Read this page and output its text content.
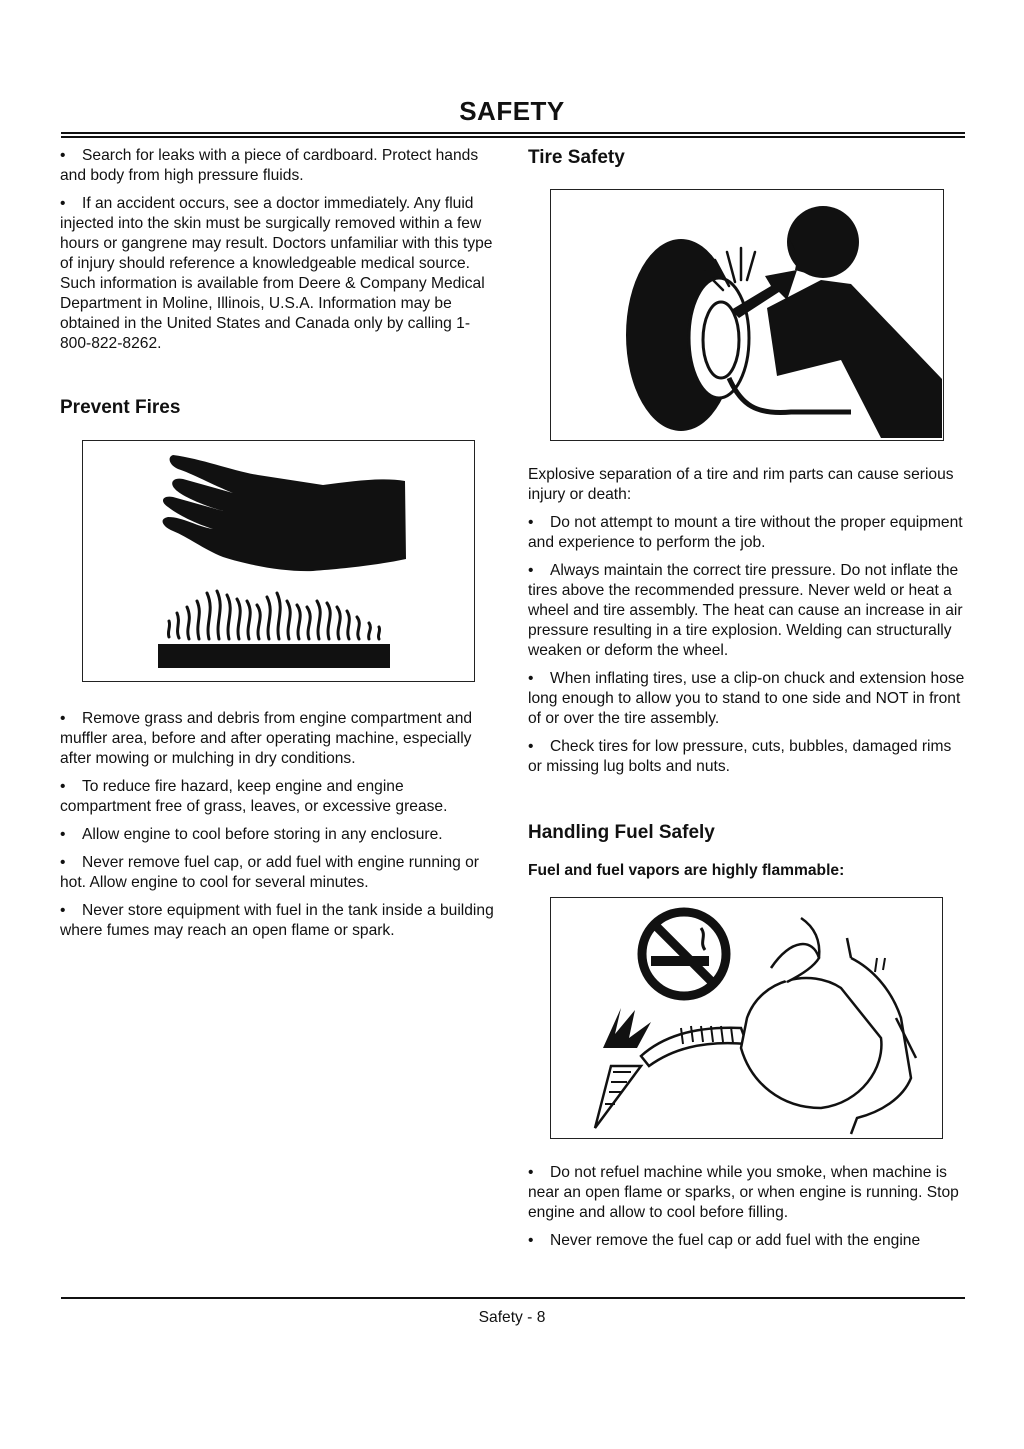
SAFETY

• Search for leaks with a piece of cardboard. Protect hands and body from high pressure fluids.

• If an accident occurs, see a doctor immediately. Any fluid injected into the skin must be surgically removed within a few hours or gangrene may result. Doctors unfamiliar with this type of injury should reference a knowledgeable medical source. Such information is available from Deere & Company Medical Department in Moline, Illinois, U.S.A. Information may be obtained in the United States and Canada only by calling 1-800-822-8262.

Prevent Fires

• Remove grass and debris from engine compartment and muffler area, before and after operating machine, especially after mowing or mulching in dry conditions.

• To reduce fire hazard, keep engine and engine compartment free of grass, leaves, or excessive grease.

• Allow engine to cool before storing in any enclosure.

• Never remove fuel cap, or add fuel with engine running or hot. Allow engine to cool for several minutes.

• Never store equipment with fuel in the tank inside a building where fumes may reach an open flame or spark.

Tire Safety

Explosive separation of a tire and rim parts can cause serious injury or death:

• Do not attempt to mount a tire without the proper equipment and experience to perform the job.

• Always maintain the correct tire pressure. Do not inflate the tires above the recommended pressure. Never weld or heat a wheel and tire assembly. The heat can cause an increase in air pressure resulting in a tire explosion. Welding can structurally weaken or deform the wheel.

• When inflating tires, use a clip-on chuck and extension hose long enough to allow you to stand to one side and NOT in front of or over the tire assembly.

• Check tires for low pressure, cuts, bubbles, damaged rims or missing lug bolts and nuts.

Handling Fuel Safely
Fuel and fuel vapors are highly flammable:

• Do not refuel machine while you smoke, when machine is near an open flame or sparks, or when engine is running. Stop engine and allow to cool before filling.

• Never remove the fuel cap or add fuel with the engine

Safety - 8
